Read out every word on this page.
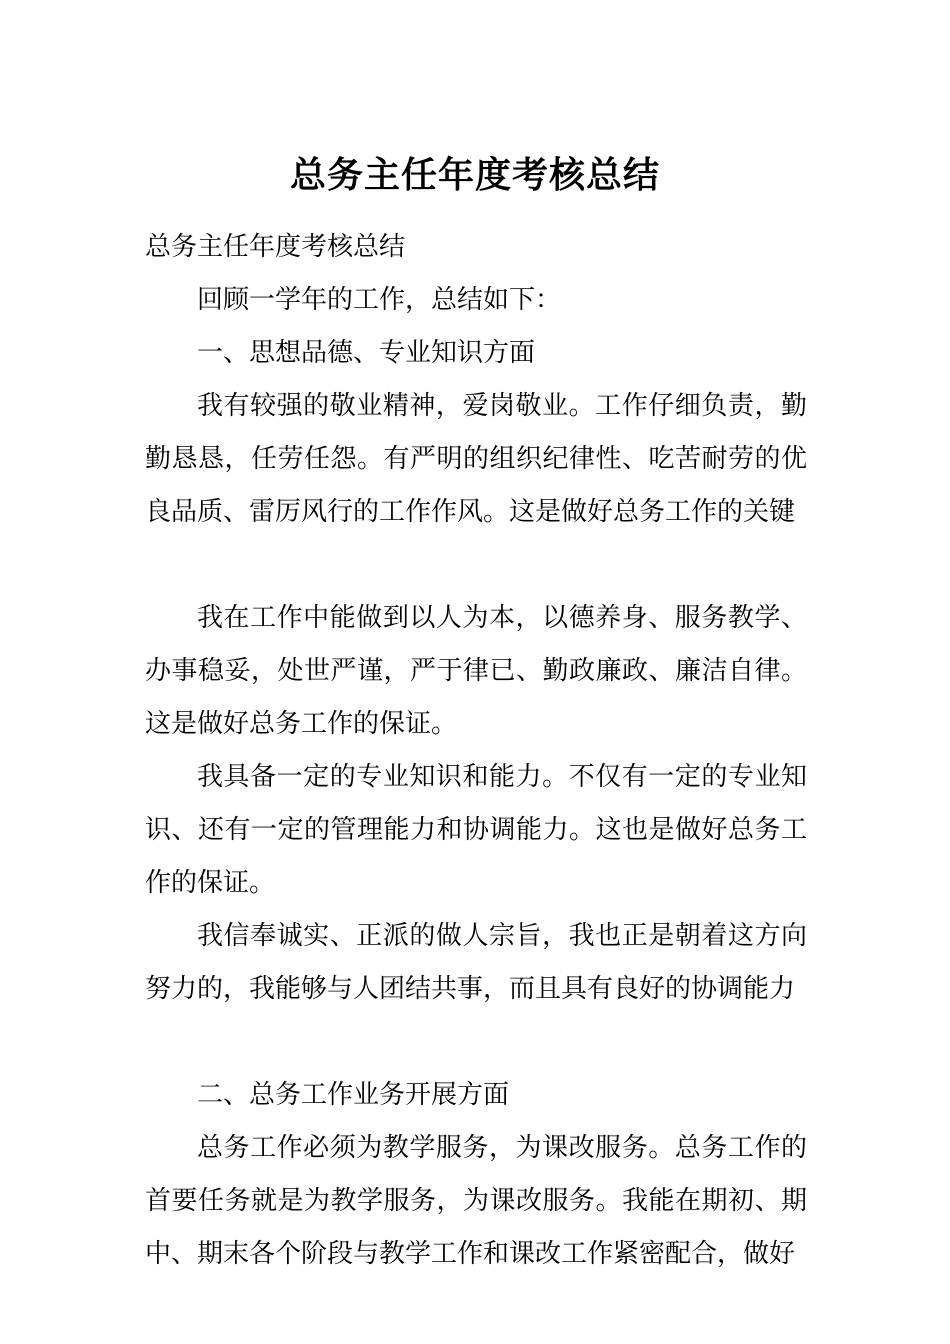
总务主任年度考核总结

总务主任年度考核总结

回顾一学年的工作，总结如下：

一、思想品德、专业知识方面

我有较强的敬业精神，爱岗敬业。工作仔细负责，勤勤恳恳，任劳任怨。有严明的组织纪律性、吃苦耐劳的优良品质、雷厉风行的工作作风。这是做好总务工作的关键

我在工作中能做到以人为本，以德养身、服务教学、办事稳妥，处世严谨，严于律已、勤政廉政、廉洁自律。这是做好总务工作的保证。

我具备一定的专业知识和能力。不仅有一定的专业知识、还有一定的管理能力和协调能力。这也是做好总务工作的保证。

我信奉诚实、正派的做人宗旨，我也正是朝着这方向努力的，我能够与人团结共事，而且具有良好的协调能力

二、总务工作业务开展方面

总务工作必须为教学服务，为课改服务。总务工作的首要任务就是为教学服务，为课改服务。我能在期初、期中、期末各个阶段与教学工作和课改工作紧密配合，做好
